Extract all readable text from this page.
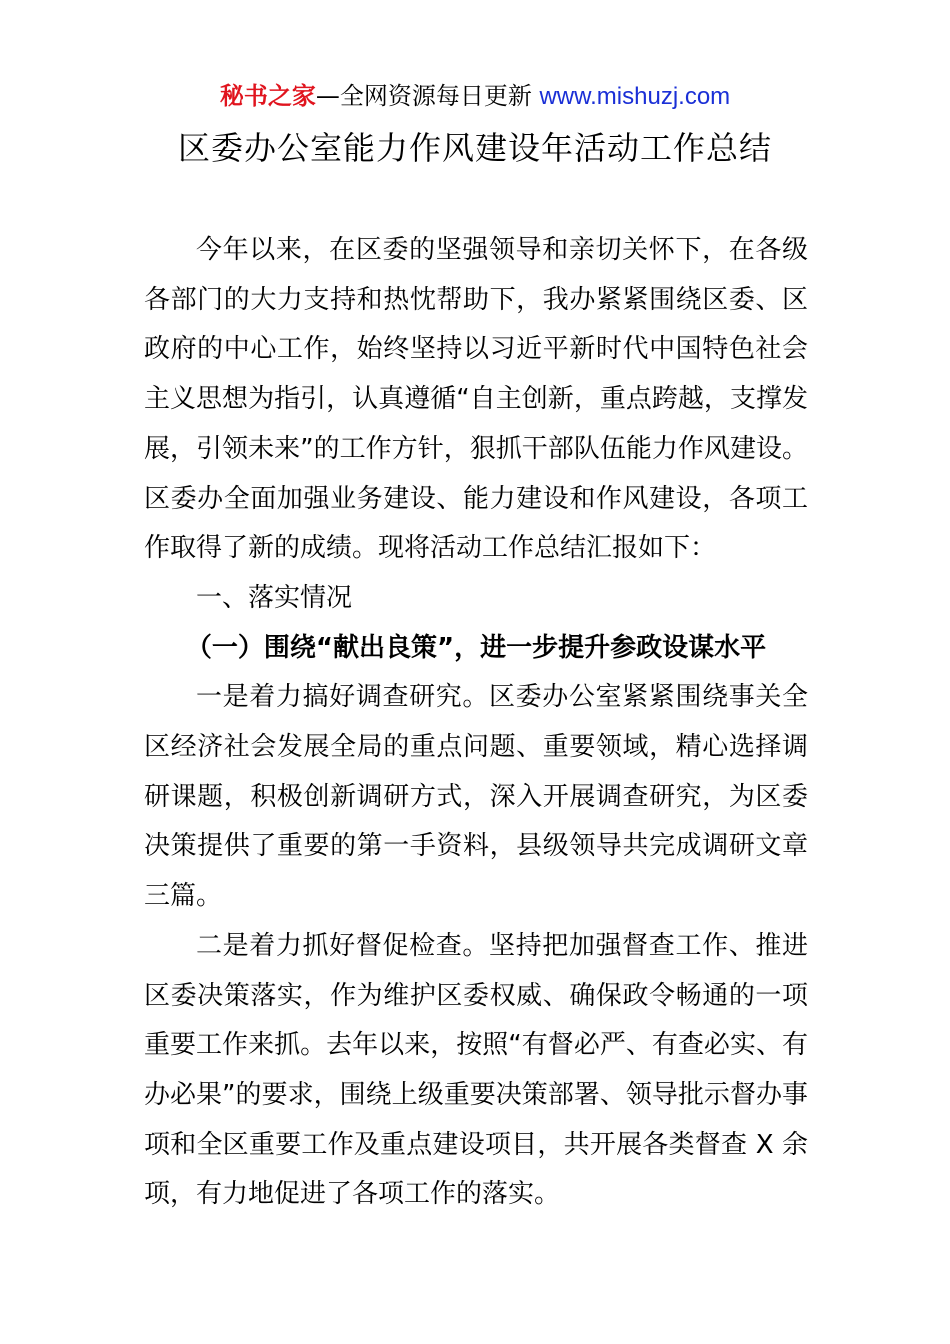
秘书之家—全网资源每日更新 www.mishuzj.com
区委办公室能力作风建设年活动工作总结

今年以来，在区委的坚强领导和亲切关怀下，在各级各部门的大力支持和热忱帮助下，我办紧紧围绕区委、区政府的中心工作，始终坚持以习近平新时代中国特色社会主义思想为指引，认真遵循“自主创新，重点跨越，支撑发展，引领未来”的工作方针，狠抓干部队伍能力作风建设。区委办全面加强业务建设、能力建设和作风建设，各项工作取得了新的成绩。现将活动工作总结汇报如下：

一、落实情况

（一）围绕“献出良策”，进一步提升参政设谋水平

一是着力搞好调查研究。区委办公室紧紧围绕事关全区经济社会发展全局的重点问题、重要领域，精心选择调研课题，积极创新调研方式，深入开展调查研究，为区委决策提供了重要的第一手资料，县级领导共完成调研文章三篇。

二是着力抓好督促检查。坚持把加强督查工作、推进区委决策落实，作为维护区委权威、确保政令畅通的一项重要工作来抓。去年以来，按照“有督必严、有查必实、有办必果”的要求，围绕上级重要决策部署、领导批示督办事项和全区重要工作及重点建设项目，共开展各类督查 X 余项，有力地促进了各项工作的落实。
